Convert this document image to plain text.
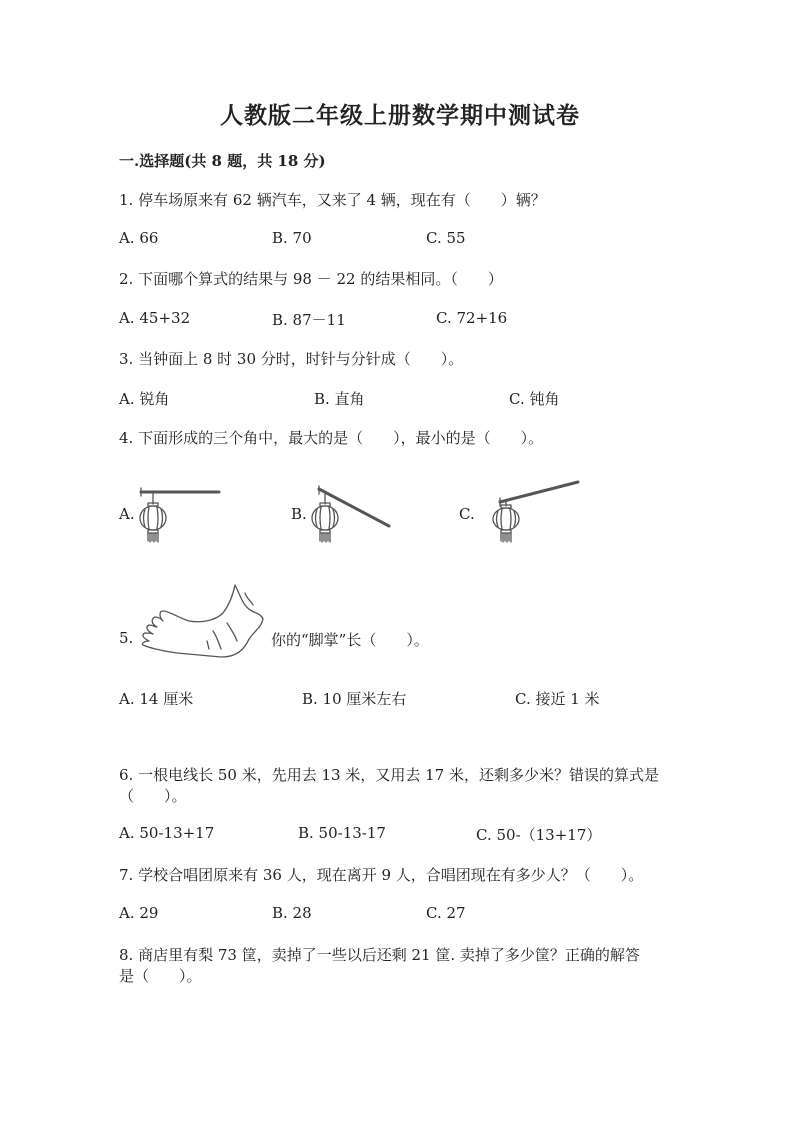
人教版二年级上册数学期中测试卷
一.选择题(共 8 题，共 18 分)
1. 停车场原来有 62 辆汽车，又来了 4 辆，现在有（　　）辆？
A. 66	B. 70	C. 55
2. 下面哪个算式的结果与 98 － 22 的结果相同。（　　）
A. 45+32	B. 87－11	C. 72+16
3. 当钟面上 8 时 30 分时，时针与分针成（　　）。
A. 锐角	B. 直角	C. 钝角
4. 下面形成的三个角中，最大的是（　　），最小的是（　　）。
A.	B.	C.
5.	你的“脚掌”长（　　）。
A. 14 厘米	B. 10 厘米左右	C. 接近 1 米
6. 一根电线长 50 米，先用去 13 米，又用去 17 米，还剩多少米？错误的算式是
（　　）。
A. 50-13+17	B. 50-13-17	C. 50-（13+17）
7. 学校合唱团原来有 36 人，现在离开 9 人，合唱团现在有多少人？（　　）。
A. 29	B. 28	C. 27
8. 商店里有梨 73 筐，卖掉了一些以后还剩 21 筐. 卖掉了多少筐？正确的解答
是（　　）。
